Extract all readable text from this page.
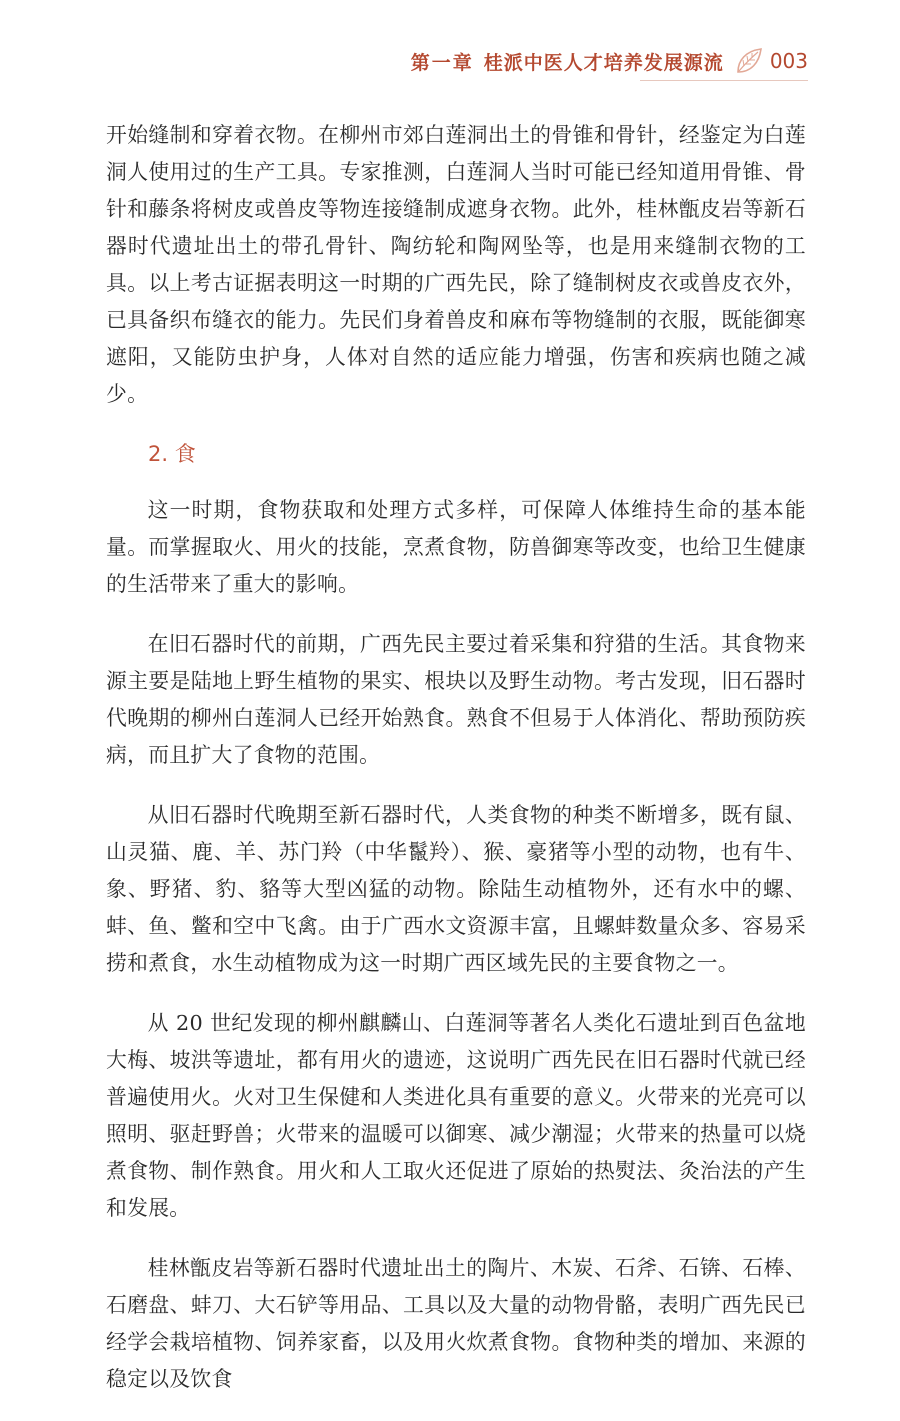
第一章 桂派中医人才培养发展源流 003

开始缝制和穿着衣物。在柳州市郊白莲洞出土的骨锥和骨针，经鉴定为白莲洞人使用过的生产工具。专家推测，白莲洞人当时可能已经知道用骨锥、骨针和藤条将树皮或兽皮等物连接缝制成遮身衣物。此外，桂林甑皮岩等新石器时代遗址出土的带孔骨针、陶纺轮和陶网坠等，也是用来缝制衣物的工具。以上考古证据表明这一时期的广西先民，除了缝制树皮衣或兽皮衣外，已具备织布缝衣的能力。先民们身着兽皮和麻布等物缝制的衣服，既能御寒遮阳，又能防虫护身，人体对自然的适应能力增强，伤害和疾病也随之减少。

2. 食

这一时期，食物获取和处理方式多样，可保障人体维持生命的基本能量。而掌握取火、用火的技能，烹煮食物，防兽御寒等改变，也给卫生健康的生活带来了重大的影响。

在旧石器时代的前期，广西先民主要过着采集和狩猎的生活。其食物来源主要是陆地上野生植物的果实、根块以及野生动物。考古发现，旧石器时代晚期的柳州白莲洞人已经开始熟食。熟食不但易于人体消化、帮助预防疾病，而且扩大了食物的范围。

从旧石器时代晚期至新石器时代，人类食物的种类不断增多，既有鼠、山灵猫、鹿、羊、苏门羚（中华鬣羚）、猴、豪猪等小型的动物，也有牛、象、野猪、豹、貉等大型凶猛的动物。除陆生动植物外，还有水中的螺、蚌、鱼、鳖和空中飞禽。由于广西水文资源丰富，且螺蚌数量众多、容易采捞和煮食，水生动植物成为这一时期广西区域先民的主要食物之一。

从 20 世纪发现的柳州麒麟山、白莲洞等著名人类化石遗址到百色盆地大梅、坡洪等遗址，都有用火的遗迹，这说明广西先民在旧石器时代就已经普遍使用火。火对卫生保健和人类进化具有重要的意义。火带来的光亮可以照明、驱赶野兽；火带来的温暖可以御寒、减少潮湿；火带来的热量可以烧煮食物、制作熟食。用火和人工取火还促进了原始的热熨法、灸治法的产生和发展。

桂林甑皮岩等新石器时代遗址出土的陶片、木炭、石斧、石锛、石棒、石磨盘、蚌刀、大石铲等用品、工具以及大量的动物骨骼，表明广西先民已经学会栽培植物、饲养家畜，以及用火炊煮食物。食物种类的增加、来源的稳定以及饮食
